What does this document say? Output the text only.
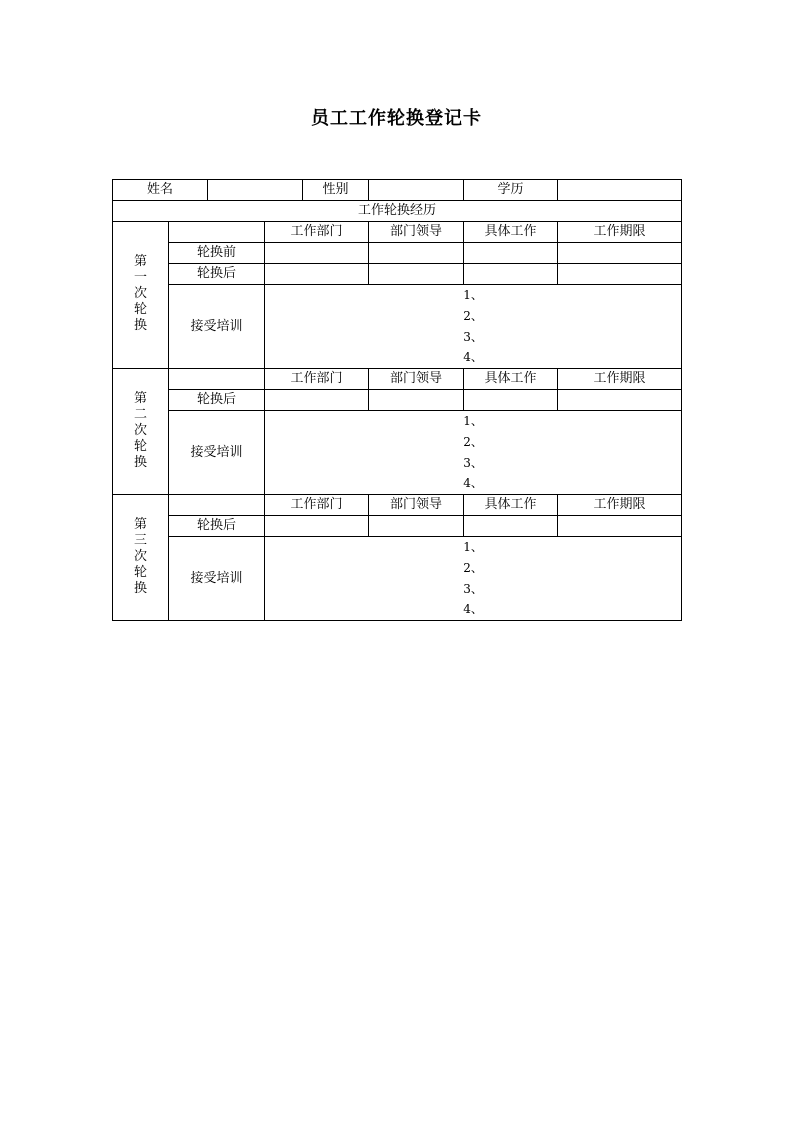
员工工作轮换登记卡
姓名				性别		学历	
工作轮换经历							
第一次轮换			工作部门		部门领导	具体工作	工作期限
	轮换前						
	轮换后						
	接受培训		1、
2、
3、
4、				

第二次轮换			工作部门		部门领导	具体工作	工作期限
	轮换后						
	接受培训		1、
2、
3、
4、				

第三次轮换			工作部门		部门领导	具体工作	工作期限
	轮换后						
	接受培训		1、
2、
3、
4、				
